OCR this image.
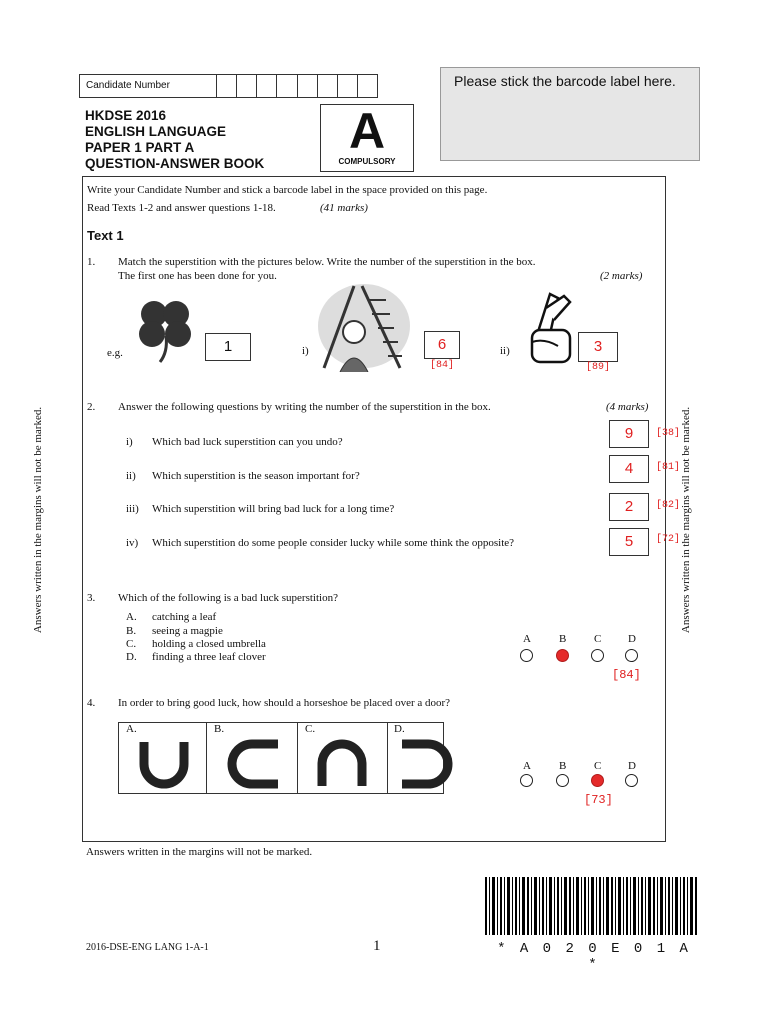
Candidate Number	Please stick the barcode label here.
HKDSE 2016
ENGLISH LANGUAGE
PAPER 1 PART A
QUESTION-ANSWER BOOK
A
COMPULSORY
Write your Candidate Number and stick a barcode label in the space provided on this page.
Read Texts 1-2 and answer questions 1-18.	(41 marks)
Text 1
1. Match the superstition with the pictures below. Write the number of the superstition in the box.
The first one has been done for you.	(2 marks)
e.g.	1	i)	6
[84]
ii)	3
[89]
2. Answer the following questions by writing the number of the superstition in the box.	(4 marks)
i) Which bad luck superstition can you undo?	9	[38]
ii) Which superstition is the season important for?	4	[81]
iii) Which superstition will bring bad luck for a long time?	2	[82]
iv) Which superstition do some people consider lucky while some think the opposite?	5	[72]
3. Which of the following is a bad luck superstition?
A. catching a leaf
B. seeing a magpie
C. holding a closed umbrella
D. finding a three leaf clover
A	B	C D
[84]
4. In order to bring good luck, how should a horseshoe be placed over a door?
A.	B.	C.	D.
A	B	C D
[73]
Answers written in the margins will not be marked.	Answers written in the margins will not be marked.
Answers written in the margins will not be marked.
2016-DSE-ENG LANG 1-A-1	1	* A 0 2 0 E 0 1 A *
